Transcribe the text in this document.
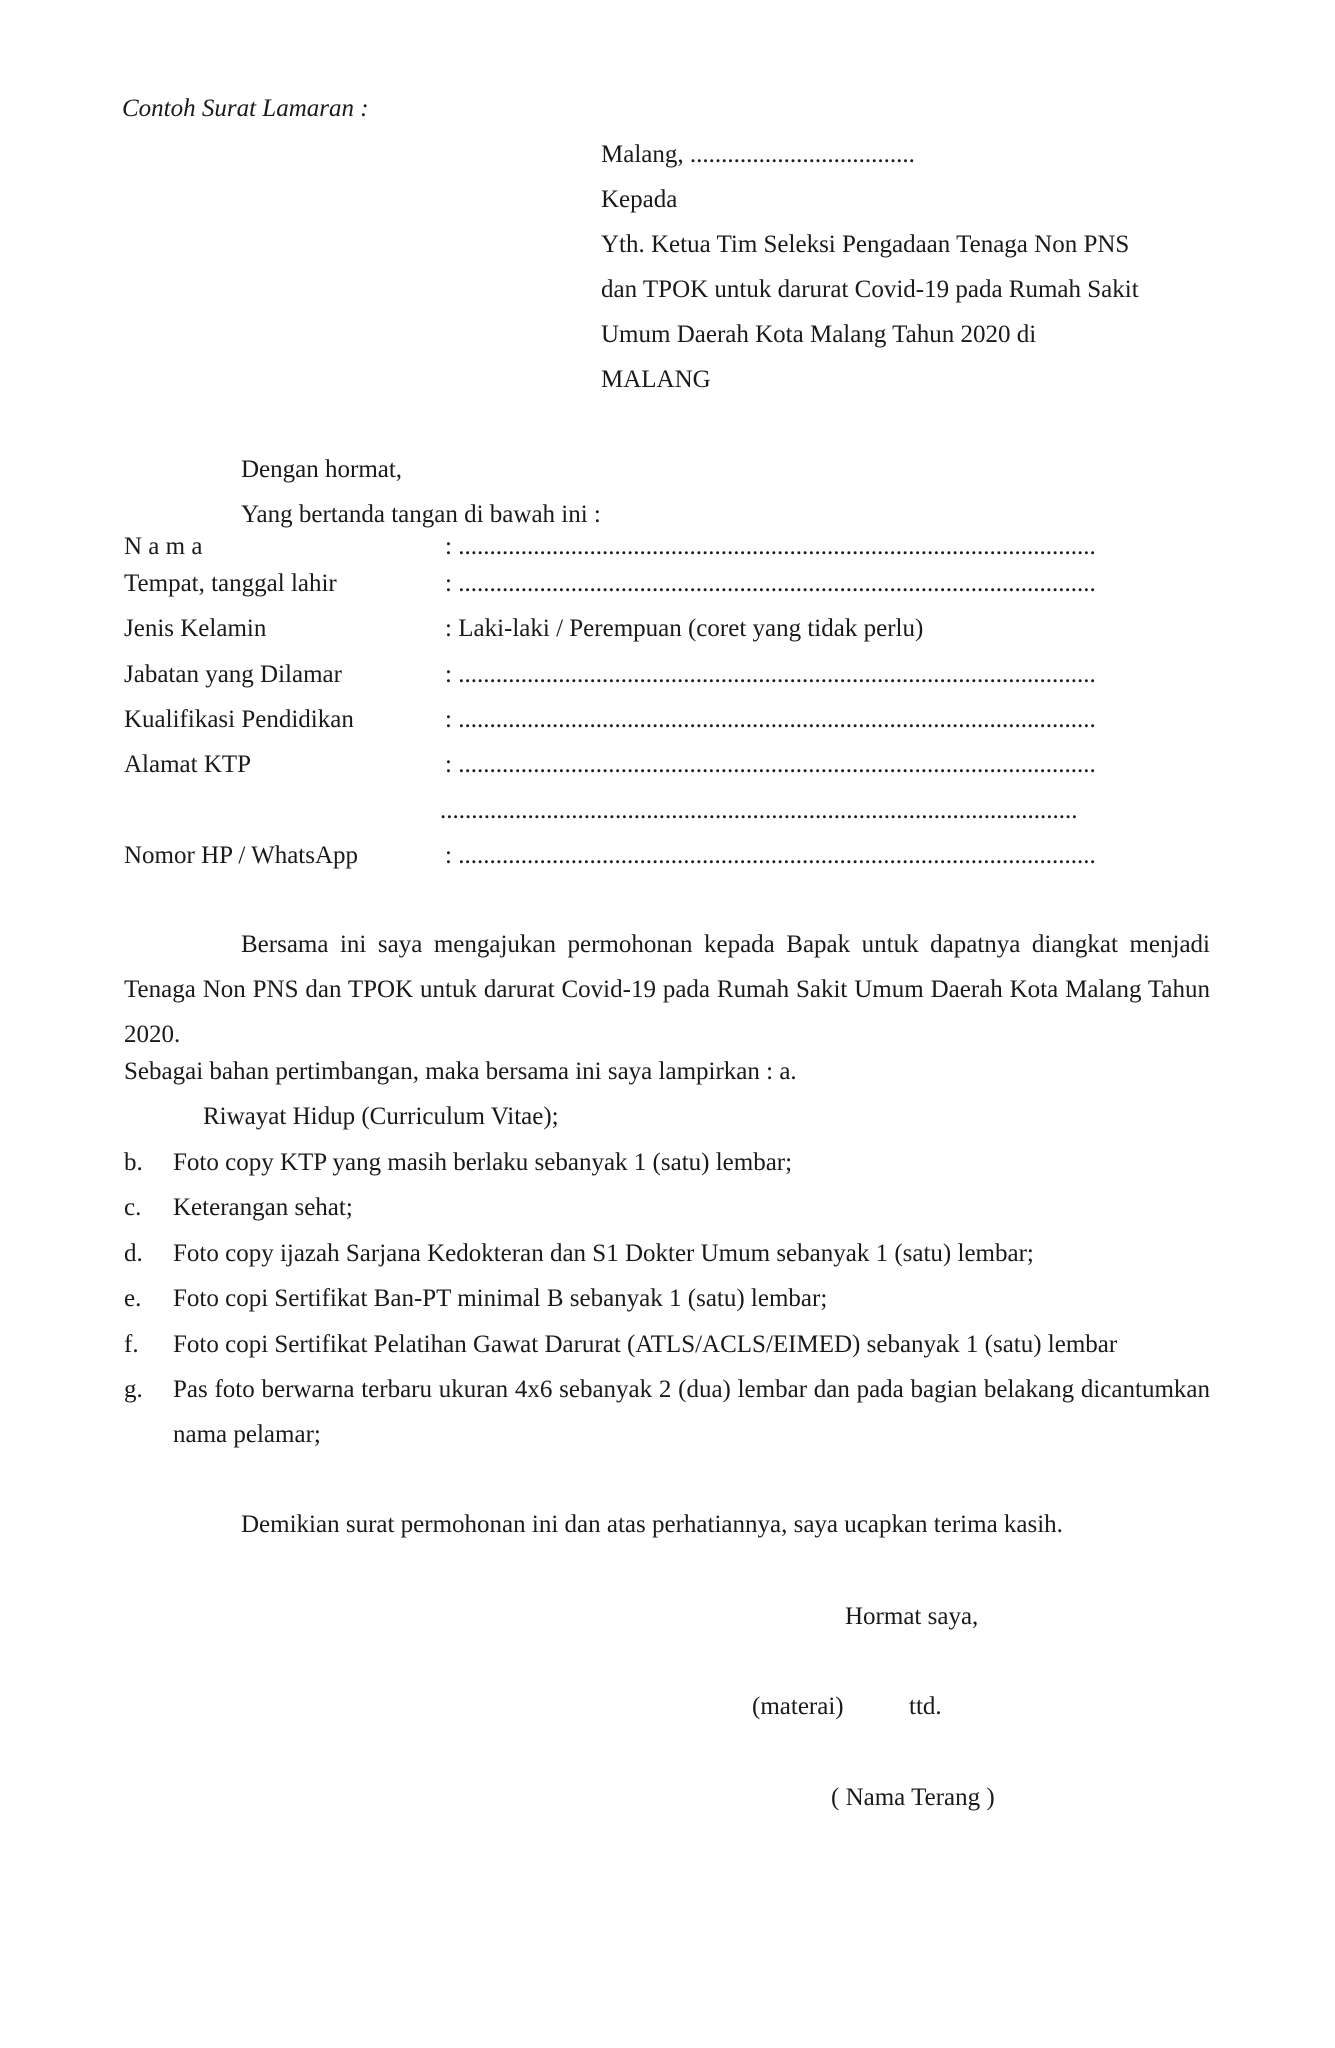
Contoh Surat Lamaran :
Malang, ....................................
Kepada
Yth. Ketua Tim Seleksi Pengadaan Tenaga Non PNS
dan TPOK untuk darurat Covid-19 pada Rumah Sakit
Umum Daerah Kota Malang Tahun 2020 di
MALANG
Dengan hormat,
Yang bertanda tangan di bawah ini :
N a m a	: ......................................................................................................
Tempat, tanggal lahir	: ......................................................................................................
Jenis Kelamin	: Laki-laki / Perempuan (coret yang tidak perlu)
Jabatan yang Dilamar	: ......................................................................................................
Kualifikasi Pendidikan	: ......................................................................................................
Alamat KTP	: ......................................................................................................
......................................................................................................
Nomor HP / WhatsApp	: ......................................................................................................
Bersama ini saya mengajukan permohonan kepada Bapak untuk dapatnya diangkat menjadi Tenaga Non PNS dan TPOK untuk darurat Covid-19 pada Rumah Sakit Umum Daerah Kota Malang Tahun 2020.
Sebagai bahan pertimbangan, maka bersama ini saya lampirkan : a.
Riwayat Hidup (Curriculum Vitae);
b. Foto copy KTP yang masih berlaku sebanyak 1 (satu) lembar;
c. Keterangan sehat;
d. Foto copy ijazah Sarjana Kedokteran dan S1 Dokter Umum sebanyak 1 (satu) lembar;
e. Foto copi Sertifikat Ban-PT minimal B sebanyak 1 (satu) lembar;
f. Foto copi Sertifikat Pelatihan Gawat Darurat (ATLS/ACLS/EIMED) sebanyak 1 (satu) lembar
g. Pas foto berwarna terbaru ukuran 4x6 sebanyak 2 (dua) lembar dan pada bagian belakang dicantumkan nama pelamar;
Demikian surat permohonan ini dan atas perhatiannya, saya ucapkan terima kasih.
Hormat saya,
(materai)	ttd.
( Nama Terang )
